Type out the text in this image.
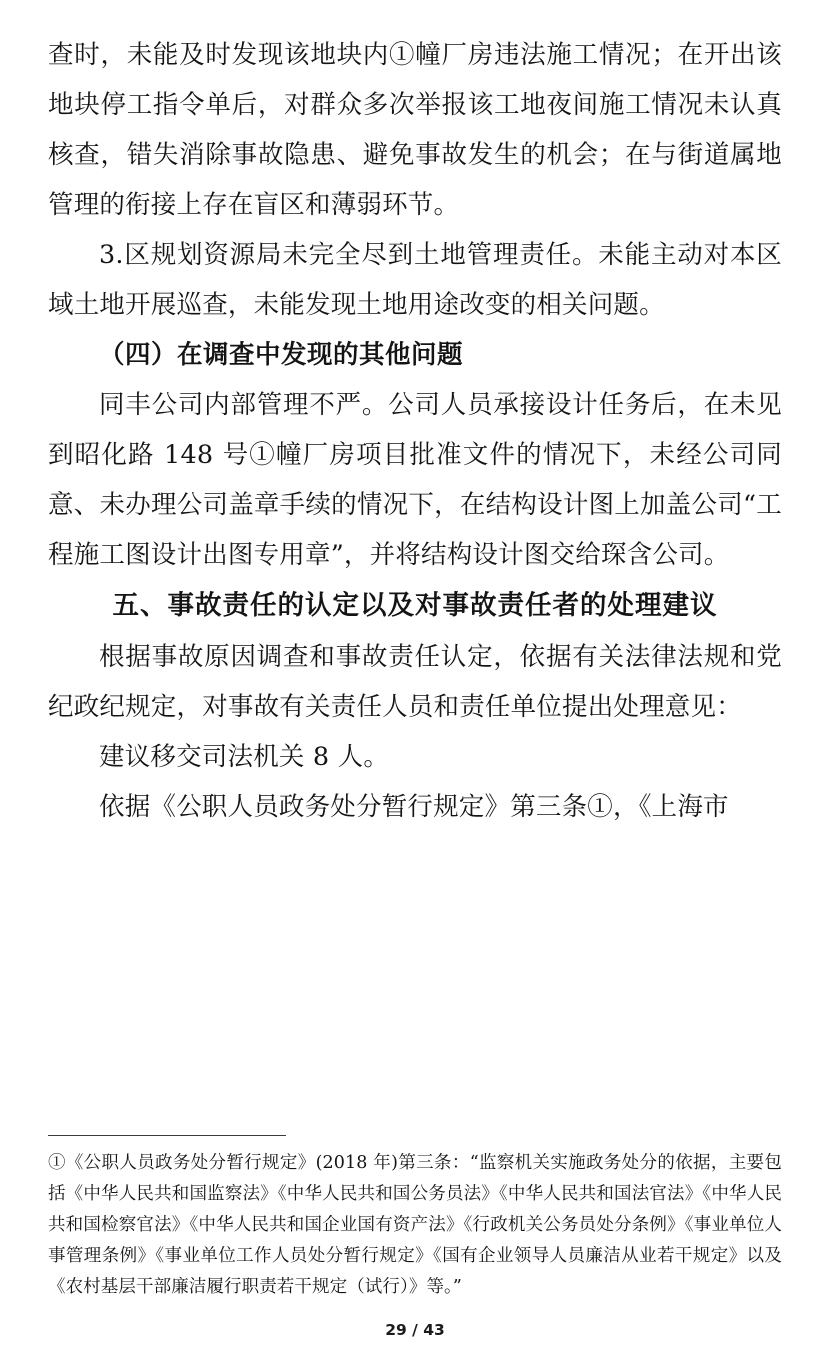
查时，未能及时发现该地块内①幢厂房违法施工情况；在开出该地块停工指令单后，对群众多次举报该工地夜间施工情况未认真核查，错失消除事故隐患、避免事故发生的机会；在与街道属地管理的衔接上存在盲区和薄弱环节。

3.区规划资源局未完全尽到土地管理责任。未能主动对本区域土地开展巡查，未能发现土地用途改变的相关问题。

（四）在调查中发现的其他问题

同丰公司内部管理不严。公司人员承接设计任务后，在未见到昭化路 148 号①幢厂房项目批准文件的情况下，未经公司同意、未办理公司盖章手续的情况下，在结构设计图上加盖公司“工程施工图设计出图专用章”，并将结构设计图交给琛含公司。

五、事故责任的认定以及对事故责任者的处理建议

根据事故原因调查和事故责任认定，依据有关法律法规和党纪政纪规定，对事故有关责任人员和责任单位提出处理意见：

建议移交司法机关 8 人。

依据《公职人员政务处分暂行规定》第三条①，《上海市

①《公职人员政务处分暂行规定》(2018 年)第三条：“监察机关实施政务处分的依据，主要包括《中华人民共和国监察法》《中华人民共和国公务员法》《中华人民共和国法官法》《中华人民共和国检察官法》《中华人民共和国企业国有资产法》《行政机关公务员处分条例》《事业单位人事管理条例》《事业单位工作人员处分暂行规定》《国有企业领导人员廉洁从业若干规定》以及《农村基层干部廉洁履行职责若干规定（试行）》等。”

29 / 43
